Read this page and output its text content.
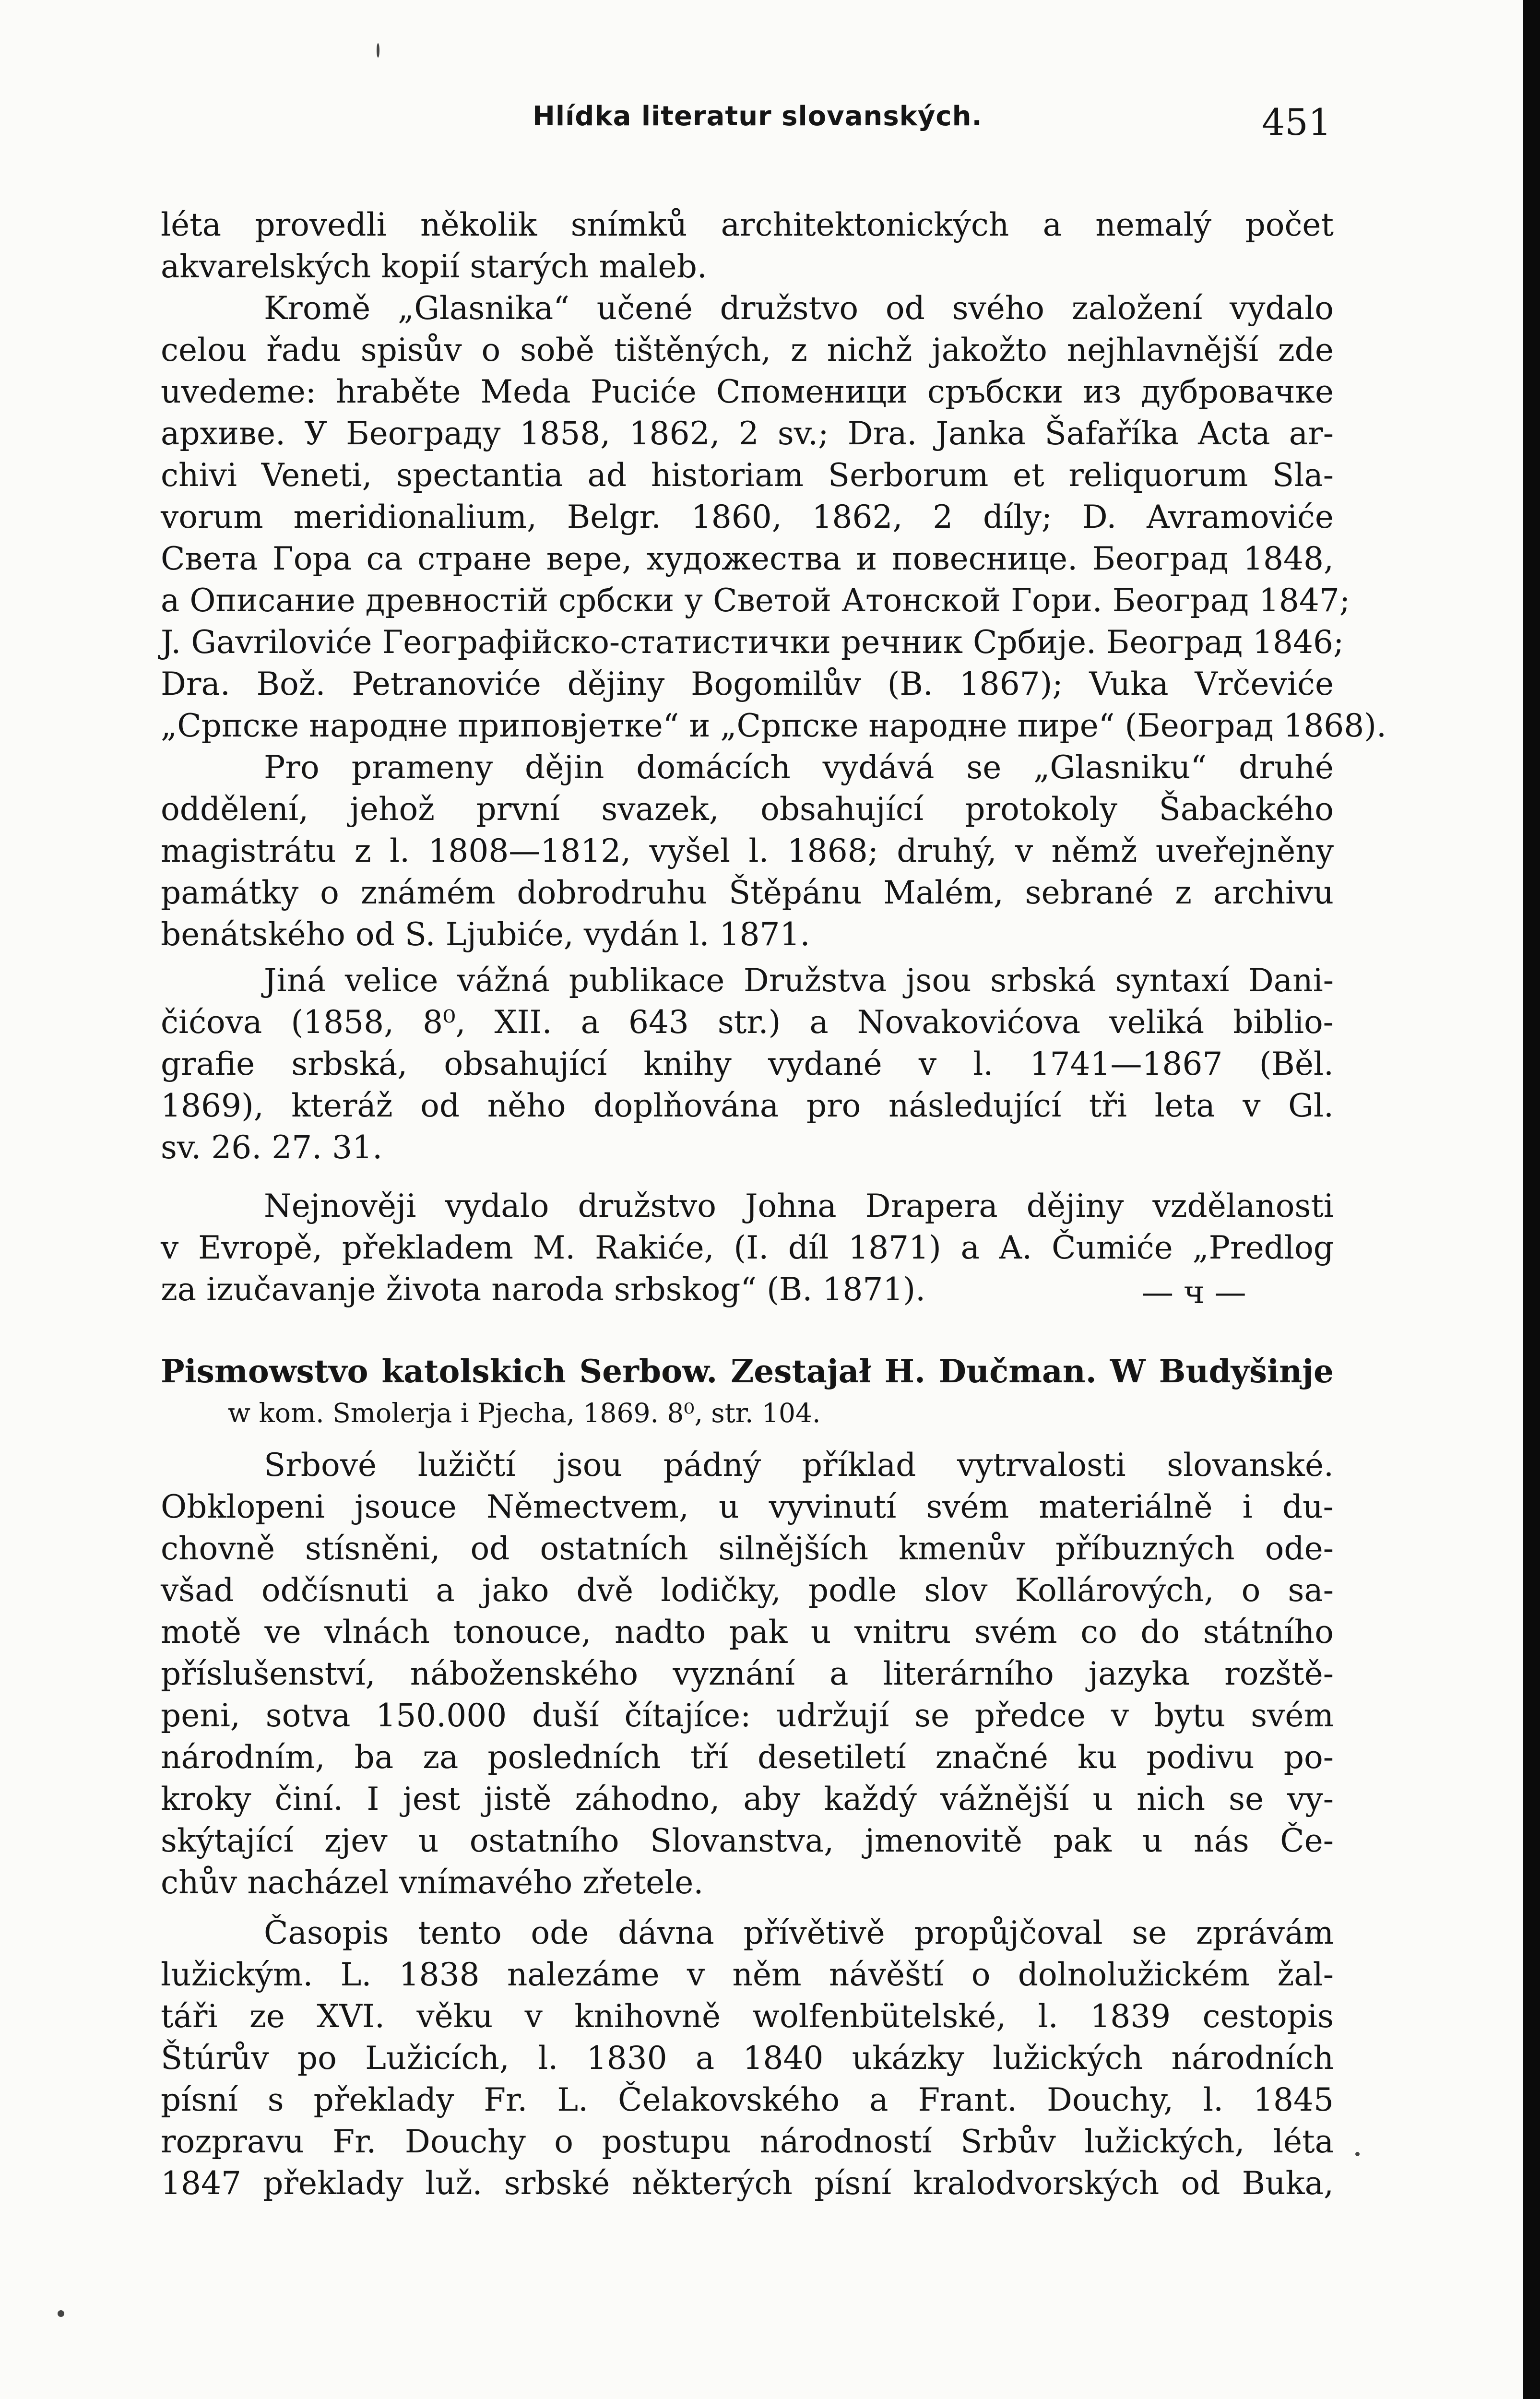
Hlídka literatur slovanských.	451
léta provedli několik snímků architektonických a nemalý počet
akvarelských kopií starých maleb.
Kromě „Glasnika“ učené družstvo od svého založení vydalo
celou řadu spisův o sobě tištěných, z nichž jakožto nejhlavnější zde
uvedeme: hraběte Meda Puciće Споменици сръбски из дубровачке
архиве. У Београду 1858, 1862, 2 sv.; Dra. Janka Šafaříka Acta ar-
chivi Veneti, spectantia ad historiam Serborum et reliquorum Sla-
vorum meridionalium, Belgr. 1860, 1862, 2 díly; D. Avramoviće
Света Гора са стране вере, художества и повеснице. Београд 1848,
а Описание древностій србски у Светой Атонской Гори. Београд 1847;
J. Gavriloviće Географійско-статистички речник Србије. Београд 1846;
Dra. Bož. Petranoviće dějiny Bogomilův (B. 1867); Vuka Vrčeviće
„Српске народне приповјетке“ и „Српске народне пире“ (Београд 1868).
Pro prameny dějin domácích vydává se „Glasniku“ druhé
oddělení, jehož první svazek, obsahující protokoly Šabackého
magistrátu z l. 1808—1812, vyšel l. 1868; druhý, v němž uveřejněny
památky o známém dobrodruhu Štěpánu Malém, sebrané z archivu
benátského od S. Ljubiće, vydán l. 1871.
Jiná velice vážná publikace Družstva jsou srbská syntaxí Dani-
čićova (1858, 8⁰, XII. a 643 str.) a Novakovićova veliká biblio-
grafie srbská, obsahující knihy vydané v l. 1741—1867 (Běl.
1869), kteráž od něho doplňována pro následující tři leta v Gl.
sv. 26. 27. 31.
Nejnověji vydalo družstvo Johna Drapera dějiny vzdělanosti
v Evropě, překladem M. Rakiće, (I. díl 1871) a A. Čumiće „Predlog
za izučavanje života naroda srbskog“ (B. 1871).	— ч —
Pismowstvo katolskich Serbow. Zestajał H. Dučman. W Budyšinje
w kom. Smolerja i Pjecha, 1869. 8⁰, str. 104.
Srbové lužičtí jsou pádný příklad vytrvalosti slovanské.
Obklopeni jsouce Němectvem, u vyvinutí svém materiálně i du-
chovně stísněni, od ostatních silnějších kmenův příbuzných ode-
všad odčísnuti a jako dvě lodičky, podle slov Kollárových, o sa-
motě ve vlnách tonouce, nadto pak u vnitru svém co do státního
příslušenství, náboženského vyznání a literárního jazyka rozště-
peni, sotva 150.000 duší čítajíce: udržují se předce v bytu svém
národním, ba za posledních tří desetiletí značné ku podivu po-
kroky činí. I jest jistě záhodno, aby každý vážnější u nich se vy-
skýtající zjev u ostatního Slovanstva, jmenovitě pak u nás Če-
chův nacházel vnímavého zřetele.
Časopis tento ode dávna přívětivě propůjčoval se zprávám
lužickým. L. 1838 nalezáme v něm návěští o dolnolužickém žal-
táři ze XVI. věku v knihovně wolfenbütelské, l. 1839 cestopis
Štúrův po Lužicích, l. 1830 a 1840 ukázky lužických národních
písní s překlady Fr. L. Čelakovského a Frant. Douchy, l. 1845
rozpravu Fr. Douchy o postupu národností Srbův lužických, léta
1847 překlady luž. srbské některých písní kralodvorských od Buka,
